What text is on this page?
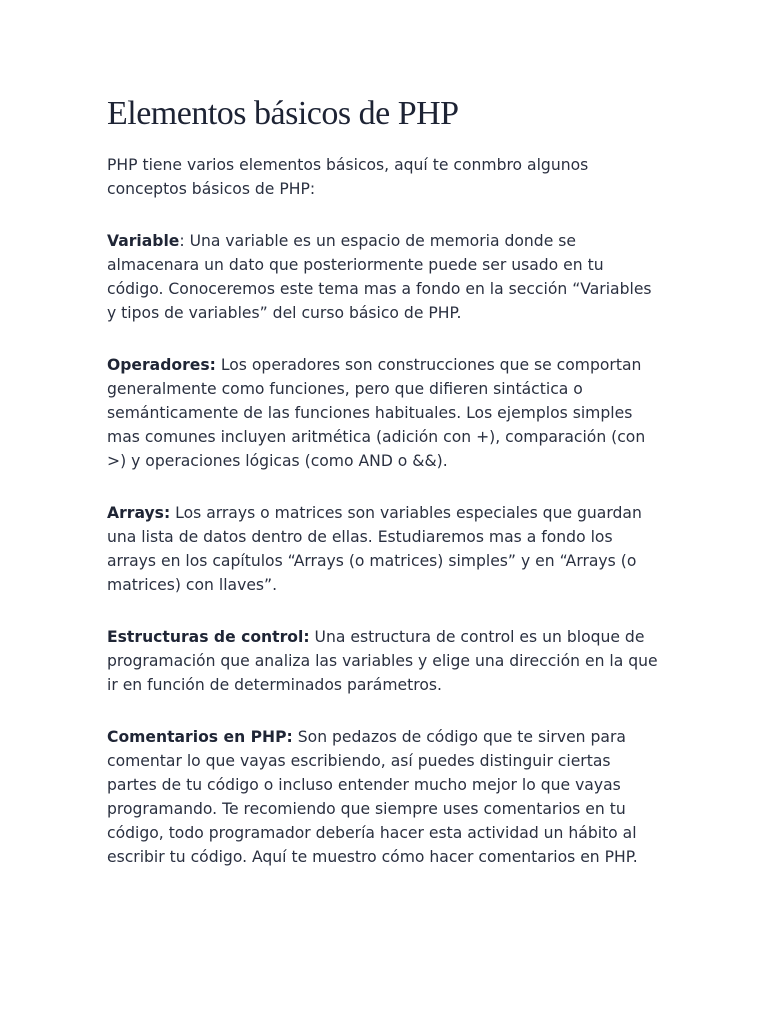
Elementos básicos de PHP

PHP tiene varios elementos básicos, aquí te conmbro algunos conceptos básicos de PHP:

Variable: Una variable es un espacio de memoria donde se almacenara un dato que posteriormente puede ser usado en tu código. Conoceremos este tema mas a fondo en la sección “Variables y tipos de variables” del curso básico de PHP.

Operadores: Los operadores son construcciones que se comportan generalmente como funciones, pero que difieren sintáctica o semánticamente de las funciones habituales. Los ejemplos simples mas comunes incluyen aritmética (adición con +), comparación (con >) y operaciones lógicas (como AND o &&).

Arrays: Los arrays o matrices son variables especiales que guardan una lista de datos dentro de ellas. Estudiaremos mas a fondo los arrays en los capítulos “Arrays (o matrices) simples” y en “Arrays (o matrices) con llaves”.

Estructuras de control: Una estructura de control es un bloque de programación que analiza las variables y elige una dirección en la que ir en función de determinados parámetros.

Comentarios en PHP: Son pedazos de código que te sirven para comentar lo que vayas escribiendo, así puedes distinguir ciertas partes de tu código o incluso entender mucho mejor lo que vayas programando. Te recomiendo que siempre uses comentarios en tu código, todo programador debería hacer esta actividad un hábito al escribir tu código. Aquí te muestro cómo hacer comentarios en PHP.
